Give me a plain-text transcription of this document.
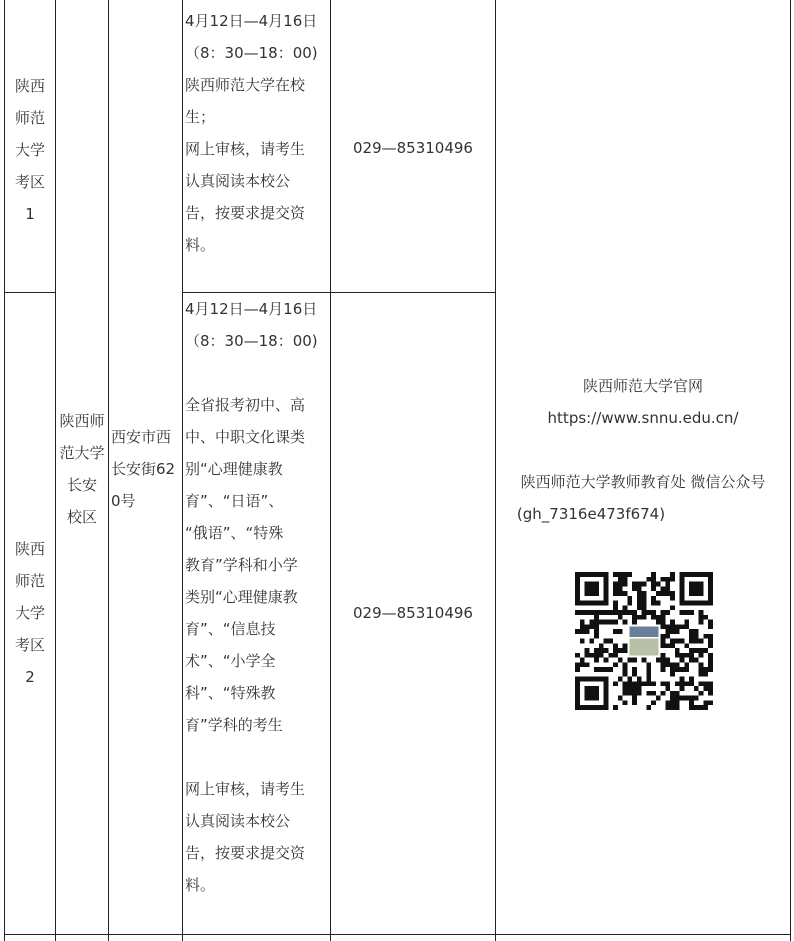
陕西
师范
大学
考区
1
4月12日—4月16日
（8：30—18：00)
陕西师范大学在校
生；
网上审核，请考生
认真阅读本校公
告，按要求提交资
料。
029—85310496
陕西
师范
大学
考区
2
4月12日—4月16日
（8：30—18：00)

全省报考初中、高
中、中职文化课类
别“心理健康教
育”、“日语”、
“俄语”、“特殊
教育”学科和小学
类别“心理健康教
育”、“信息技
术”、“小学全
科”、“特殊教
育”学科的考生

网上审核，请考生
认真阅读本校公
告，按要求提交资
料。
029—85310496
陕西师
范大学
长安
校区
西安市西
长安街62
0号
陕西师范大学官网
https://www.snnu.edu.cn/
陕西师范大学教师教育处 微信公众号
(gh_7316e473f674)
